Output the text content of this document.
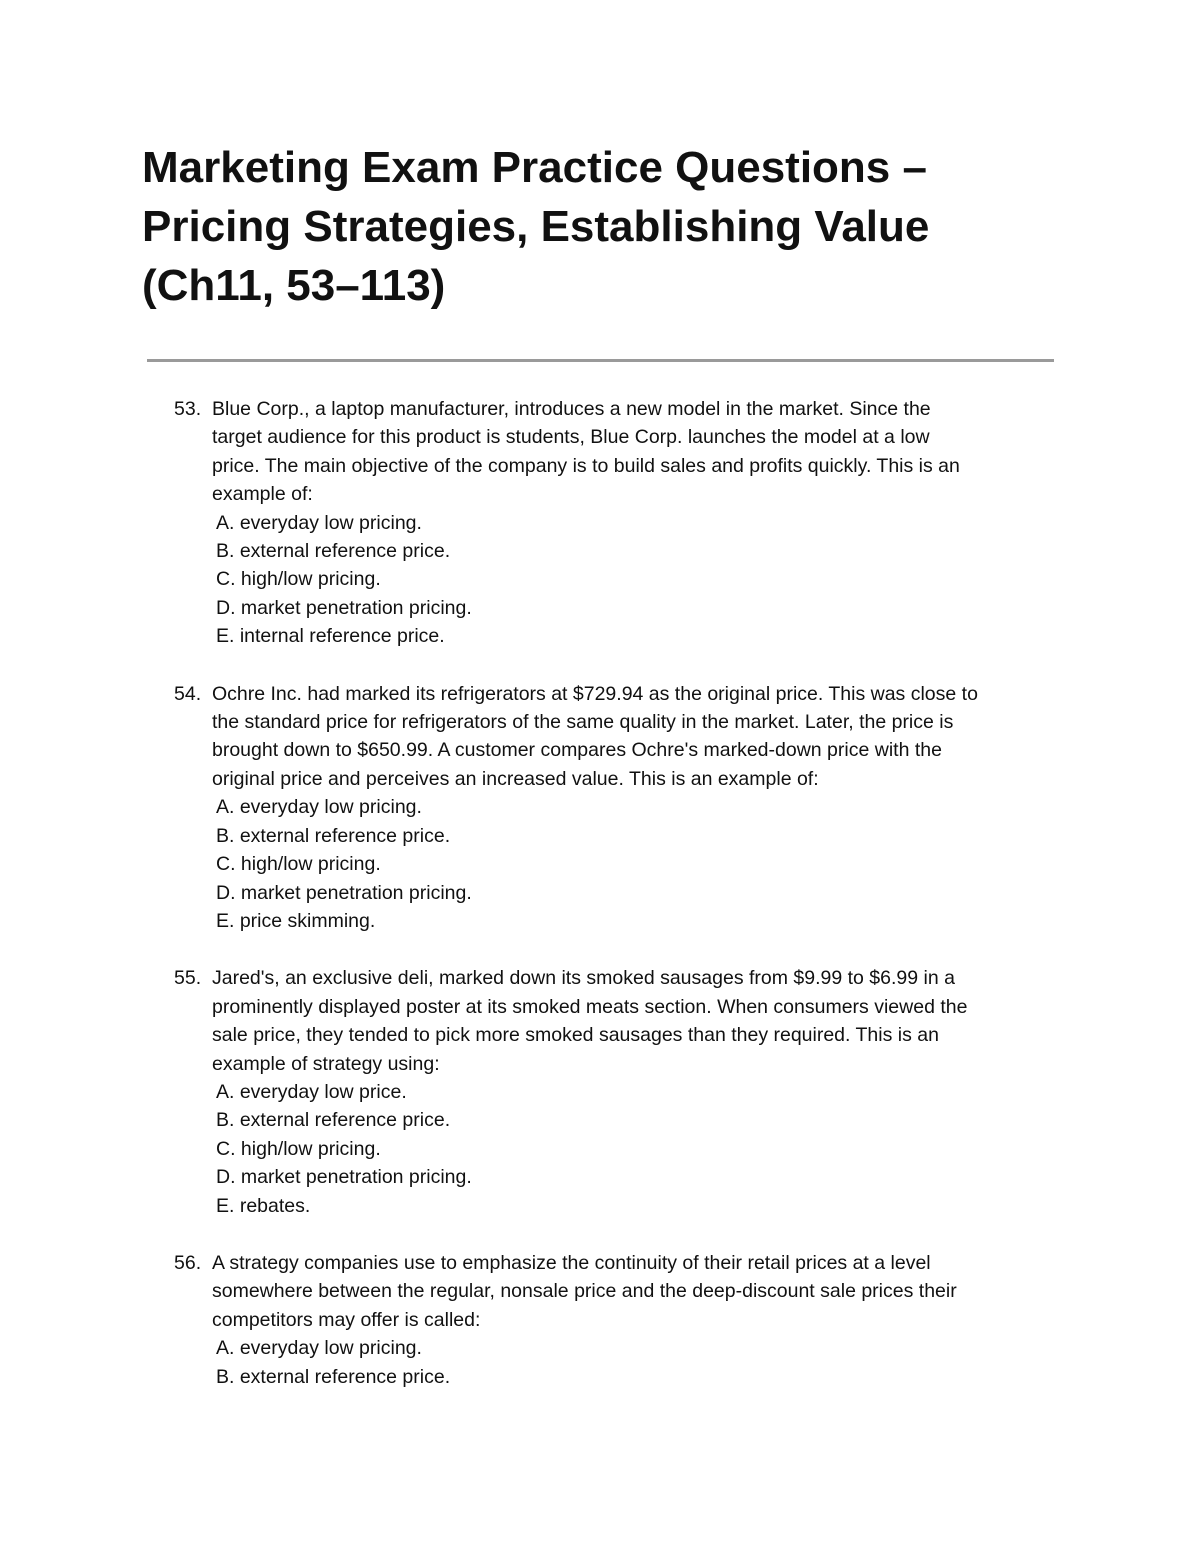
Marketing Exam Practice Questions –
Pricing Strategies, Establishing Value
(Ch11, 53–113)
53. Blue Corp., a laptop manufacturer, introduces a new model in the market. Since the
target audience for this product is students, Blue Corp. launches the model at a low
price. The main objective of the company is to build sales and profits quickly. This is an
example of:
A. everyday low pricing.
B. external reference price.
C. high/low pricing.
D. market penetration pricing.
E. internal reference price.
54. Ochre Inc. had marked its refrigerators at $729.94 as the original price. This was close to
the standard price for refrigerators of the same quality in the market. Later, the price is
brought down to $650.99. A customer compares Ochre's marked-down price with the
original price and perceives an increased value. This is an example of:
A. everyday low pricing.
B. external reference price.
C. high/low pricing.
D. market penetration pricing.
E. price skimming.
55. Jared's, an exclusive deli, marked down its smoked sausages from $9.99 to $6.99 in a
prominently displayed poster at its smoked meats section. When consumers viewed the
sale price, they tended to pick more smoked sausages than they required. This is an
example of strategy using:
A. everyday low price.
B. external reference price.
C. high/low pricing.
D. market penetration pricing.
E. rebates.
56. A strategy companies use to emphasize the continuity of their retail prices at a level
somewhere between the regular, nonsale price and the deep-discount sale prices their
competitors may offer is called:
A. everyday low pricing.
B. external reference price.
